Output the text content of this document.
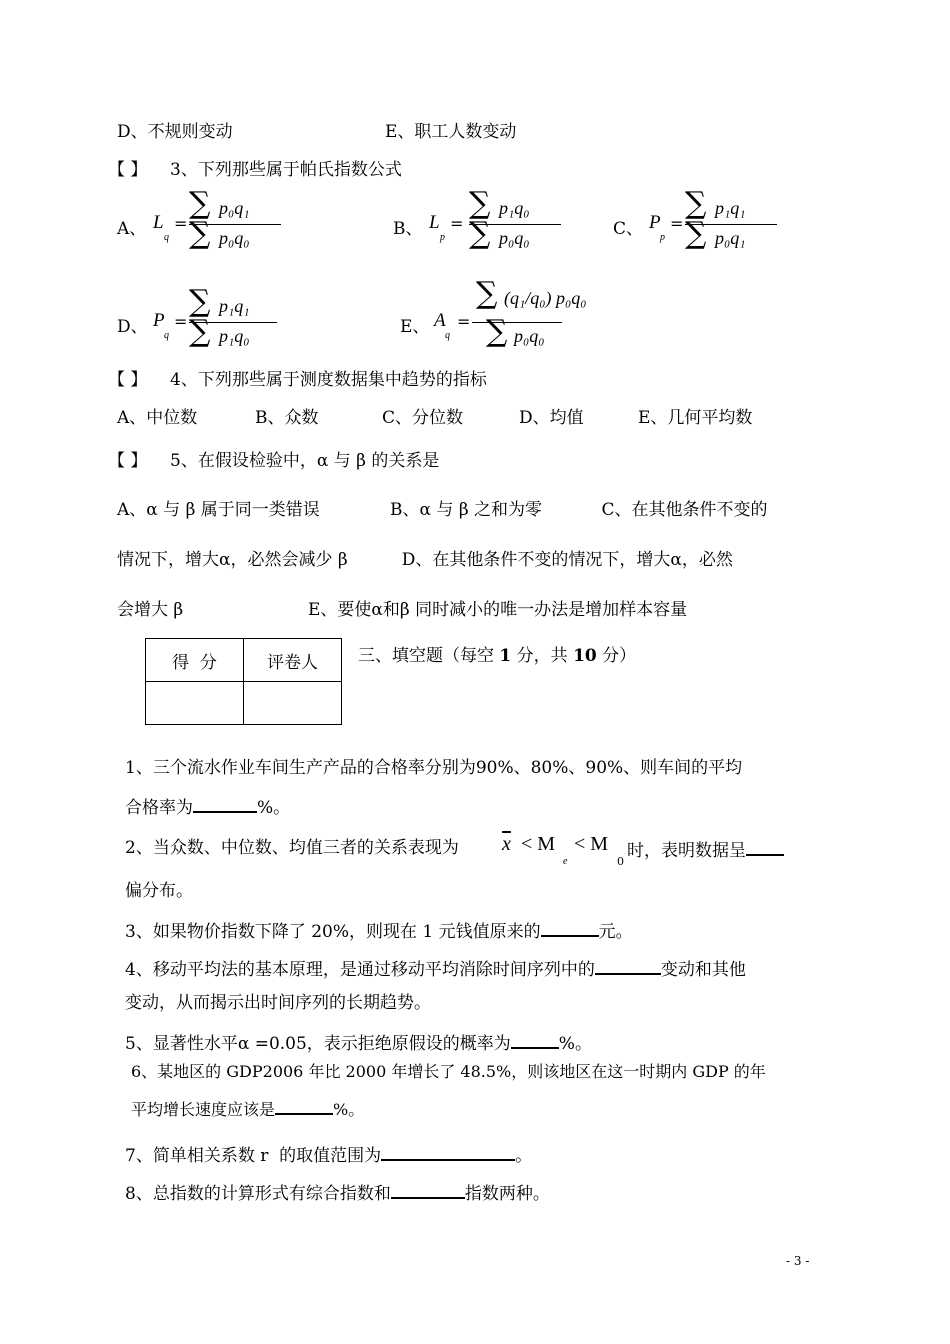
D、不规则变动	E、职工人数变动
【 】 3、下列那些属于帕氏指数公式
A、 L
q
=
∑ p₀q₁
∑ p₀q₀	B、 L
p
=
∑ p₁q₀
∑ p₀q₀	C、 P
p
=
∑ p₁q₁
∑ p₀q₁
D、 P
q
=
∑ p₁q₁
∑ p₁q₀	E、 A
q
=
∑ (q₁/q₀) p₀q₀
∑ p₀q₀
【 】 4、下列那些属于测度数据集中趋势的指标
A、中位数	B、众数	C、分位数	D、均值	E、几何平均数
【 】 5、在假设检验中，α 与 β 的关系是
A、α 与 β 属于同一类错误             B、α 与 β 之和为零           C、在其他条件不变的
情况下，增大α，必然会减少 β          D、在其他条件不变的情况下，增大α，必然
会增大 β	E、要使α和β 同时减小的唯一办法是增加样本容量
得  分	评卷人
	三、填空题（每空 1 分，共 10 分）
1、三个流水作业车间生产产品的合格率分别为90%、80%、90%、则车间的平均
合格率为	%。
2、当众数、中位数、均值三者的关系表现为 $\overline{x} < M$
e
< M
0
时，表明数据呈
偏分布。
3、如果物价指数下降了 20%，则现在 1 元钱值原来的	元。
4、移动平均法的基本原理，是通过移动平均消除时间序列中的	变动和其他
变动，从而揭示出时间序列的长期趋势。
5、显著性水平α =0.05，表示拒绝原假设的概率为	%。
6、某地区的 GDP2006 年比 2000 年增长了 48.5%，则该地区在这一时期内 GDP 的年
平均增长速度应该是	%。
7、简单相关系数 r  的取值范围为	。
8、总指数的计算形式有综合指数和	指数两种。
- 3 -
